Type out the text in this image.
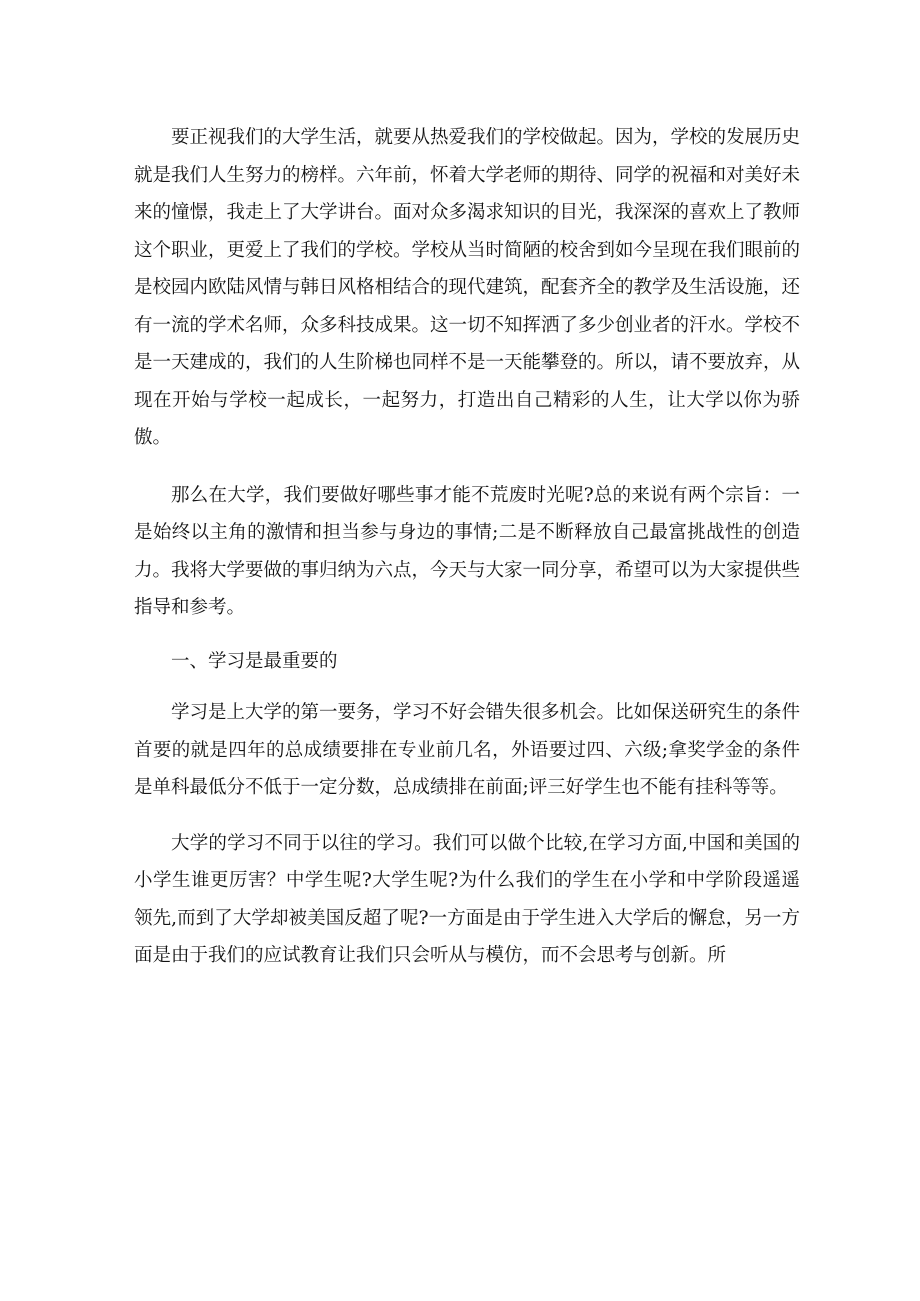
要正视我们的大学生活，就要从热爱我们的学校做起。因为，学校的发展历史就是我们人生努力的榜样。六年前，怀着大学老师的期待、同学的祝福和对美好未来的憧憬，我走上了大学讲台。面对众多渴求知识的目光，我深深的喜欢上了教师这个职业，更爱上了我们的学校。学校从当时简陋的校舍到如今呈现在我们眼前的是校园内欧陆风情与韩日风格相结合的现代建筑，配套齐全的教学及生活设施，还有一流的学术名师，众多科技成果。这一切不知挥洒了多少创业者的汗水。学校不是一天建成的，我们的人生阶梯也同样不是一天能攀登的。所以，请不要放弃，从现在开始与学校一起成长，一起努力，打造出自己精彩的人生，让大学以你为骄傲。

那么在大学，我们要做好哪些事才能不荒废时光呢?总的来说有两个宗旨：一是始终以主角的激情和担当参与身边的事情;二是不断释放自己最富挑战性的创造力。我将大学要做的事归纳为六点，今天与大家一同分享，希望可以为大家提供些指导和参考。

一、学习是最重要的

学习是上大学的第一要务，学习不好会错失很多机会。比如保送研究生的条件首要的就是四年的总成绩要排在专业前几名，外语要过四、六级;拿奖学金的条件是单科最低分不低于一定分数，总成绩排在前面;评三好学生也不能有挂科等等。

大学的学习不同于以往的学习。我们可以做个比较,在学习方面,中国和美国的小学生谁更厉害？中学生呢?大学生呢?为什么我们的学生在小学和中学阶段遥遥领先,而到了大学却被美国反超了呢?一方面是由于学生进入大学后的懈怠，另一方面是由于我们的应试教育让我们只会听从与模仿，而不会思考与创新。所
